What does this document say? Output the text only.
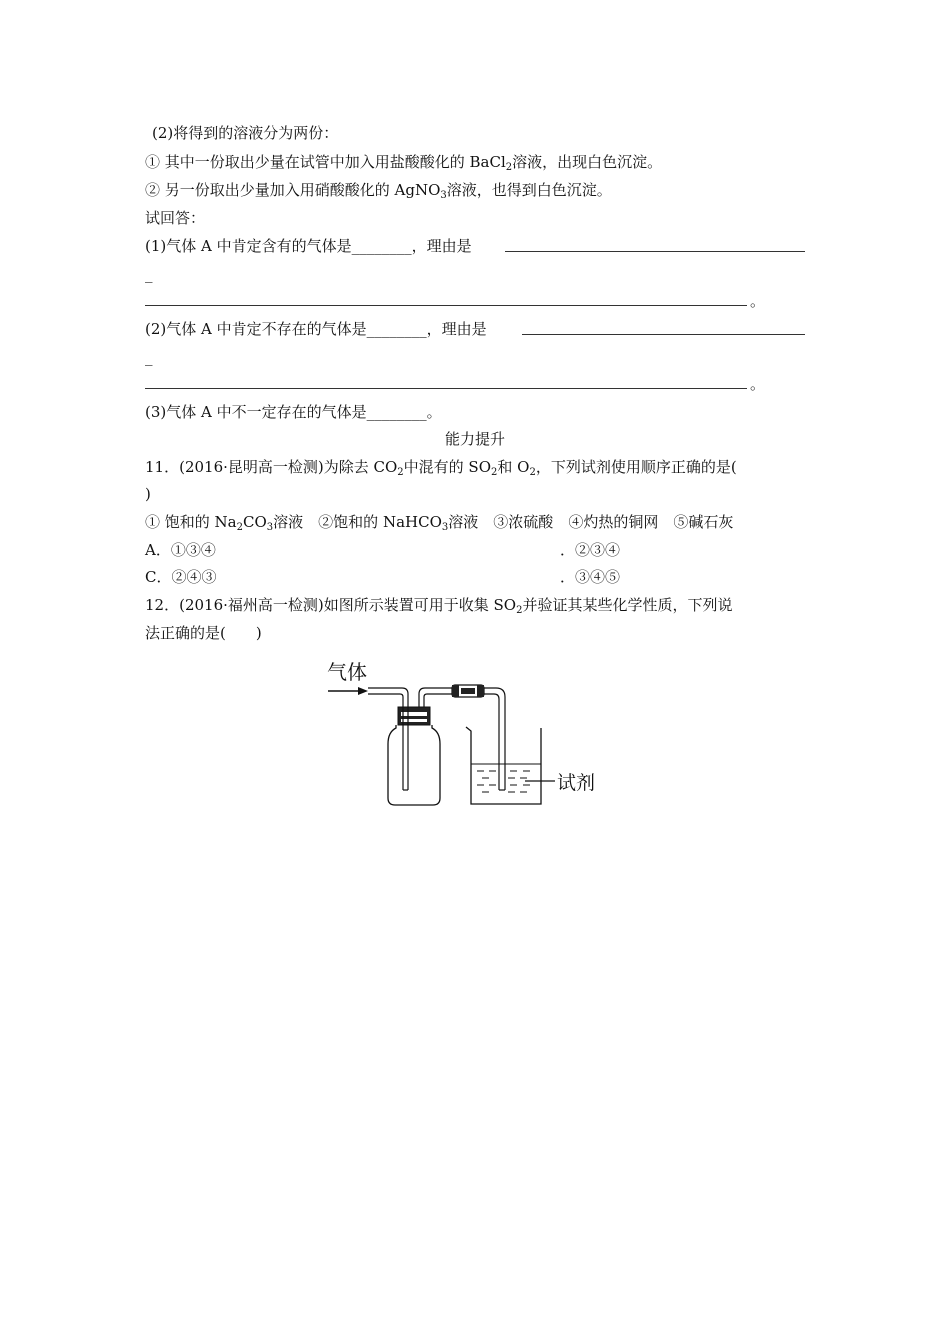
(2)将得到的溶液分为两份：
① 其中一份取出少量在试管中加入用盐酸酸化的 BaCl$_2$溶液，出现白色沉淀。
② 另一份取出少量加入用硝酸酸化的 AgNO$_3$溶液，也得到白色沉淀。
试回答：
(1)气体 A 中肯定含有的气体是________，理由是
_
。
(2)气体 A 中肯定不存在的气体是________，理由是
_
。
(3)气体 A 中不一定存在的气体是________。
能力提升
11．(2016·昆明高一检测)为除去 $CO_2$中混有的 $SO_2$和 $O_2$，下列试剂使用顺序正确的是(
)
① 饱和的 $Na_2CO_3$溶液　 ②饱和的 NaHCO$_3$溶液　 ③浓硫酸　 ④灼热的铜网　 ⑤碱石灰
A．①③④	．②③④
C．②④③	．③④⑤
12．(2016·福州高一检测)如图所示装置可用于收集 $SO_2$并验证其某些化学性质，下列说
法正确的是(　　)
气体
试剂
